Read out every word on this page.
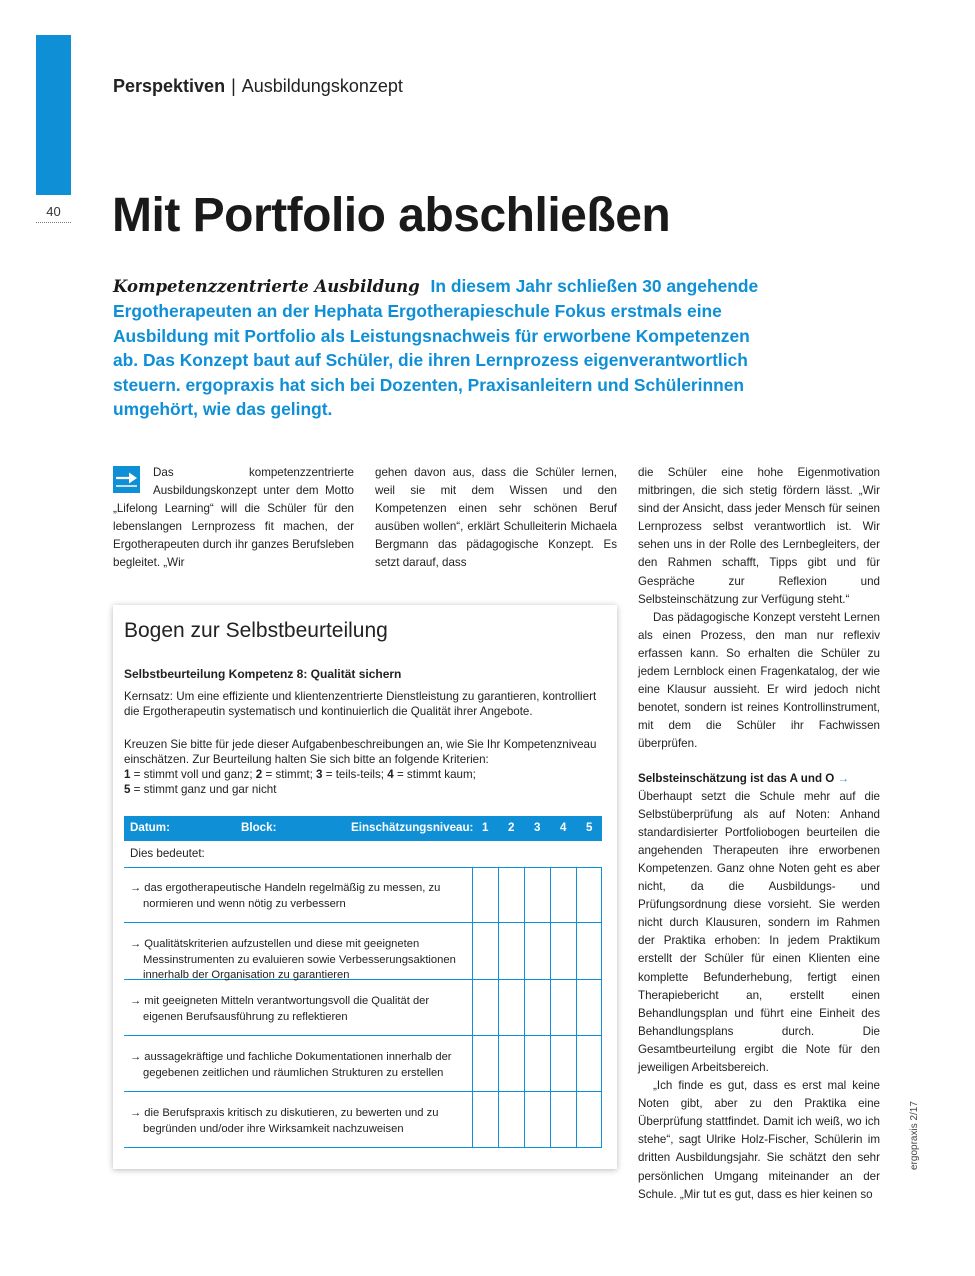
40
Perspektiven | Ausbildungskonzept
Mit Portfolio abschließen
Kompetenzzentrierte Ausbildung In diesem Jahr schließen 30 angehende Ergotherapeuten an der Hephata Ergotherapieschule Fokus erstmals eine Ausbildung mit Portfolio als Leistungsnachweis für erworbene Kompetenzen ab. Das Konzept baut auf Schüler, die ihren Lernprozess eigenverantwortlich steuern. ergopraxis hat sich bei Dozenten, Praxisanleitern und Schülerinnen umgehört, wie das gelingt.

Das kompetenzzentrierte Ausbildungskonzept unter dem Motto „Lifelong Learning“ will die Schüler für den lebenslangen Lernprozess fit machen, der Ergotherapeuten durch ihr ganzes Berufsleben begleitet. „Wir

gehen davon aus, dass die Schüler lernen, weil sie mit dem Wissen und den Kompetenzen einen sehr schönen Beruf ausüben wollen“, erklärt Schulleiterin Michaela Bergmann das pädagogische Konzept. Es setzt darauf, dass

die Schüler eine hohe Eigenmotivation mitbringen, die sich stetig fördern lässt. „Wir sind der Ansicht, dass jeder Mensch für seinen Lernprozess selbst verantwortlich ist. Wir sehen uns in der Rolle des Lernbegleiters, der den Rahmen schafft, Tipps gibt und für Gespräche zur Reflexion und Selbsteinschätzung zur Verfügung steht.“

Das pädagogische Konzept versteht Lernen als einen Prozess, den man nur reflexiv erfassen kann. So erhalten die Schüler zu jedem Lernblock einen Fragenkatalog, der wie eine Klausur aussieht. Er wird jedoch nicht benotet, sondern ist reines Kontrollinstrument, mit dem die Schüler ihr Fachwissen überprüfen.

Selbsteinschätzung ist das A und O →

Überhaupt setzt die Schule mehr auf die Selbstüberprüfung als auf Noten: Anhand standardisierter Portfoliobogen beurteilen die angehenden Therapeuten ihre erworbenen Kompetenzen. Ganz ohne Noten geht es aber nicht, da die Ausbildungs- und Prüfungsordnung diese vorsieht. Sie werden nicht durch Klausuren, sondern im Rahmen der Praktika erhoben: In jedem Praktikum erstellt der Schüler für einen Klienten eine komplette Befunderhebung, fertigt einen Therapiebericht an, erstellt einen Behandlungsplan und führt eine Einheit des Behandlungsplans durch. Die Gesamtbeurteilung ergibt die Note für den jeweiligen Arbeitsbereich.

„Ich finde es gut, dass es erst mal keine Noten gibt, aber zu den Praktika eine Überprüfung stattfindet. Damit ich weiß, wo ich stehe“, sagt Ulrike Holz-Fischer, Schülerin im dritten Ausbildungsjahr. Sie schätzt den sehr persönlichen Umgang miteinander an der Schule. „Mir tut es gut, dass es hier keinen so

Bogen zur Selbstbeurteilung
Selbstbeurteilung Kompetenz 8: Qualität sichern
Kernsatz: Um eine effiziente und klientenzentrierte Dienstleistung zu garantieren, kontrolliert die Ergotherapeutin systematisch und kontinuierlich die Qualität ihrer Angebote.
Kreuzen Sie bitte für jede dieser Aufgabenbeschreibungen an, wie Sie Ihr Kompetenzniveau einschätzen. Zur Beurteilung halten Sie sich bitte an folgende Kriterien:
1 = stimmt voll und ganz; 2 = stimmt; 3 = teils-teils; 4 = stimmt kaum;
5 = stimmt ganz und gar nicht
Datum:	Block:	Einschätzungsniveau: 1 2 3 4 5
Dies bedeutet:
→ das ergotherapeutische Handeln regelmäßig zu messen, zu normieren und wenn nötig zu verbessern
→ Qualitätskriterien aufzustellen und diese mit geeigneten Messinstrumenten zu evaluieren sowie Verbesserungsaktionen innerhalb der Organisation zu garantieren
→ mit geeigneten Mitteln verantwortungsvoll die Qualität der eigenen Berufsausführung zu reflektieren
→ aussagekräftige und fachliche Dokumentationen innerhalb der gegebenen zeitlichen und räumlichen Strukturen zu erstellen
→ die Berufspraxis kritisch zu diskutieren, zu bewerten und zu begründen und/oder ihre Wirksamkeit nachzuweisen	ergopraxis 2/17
